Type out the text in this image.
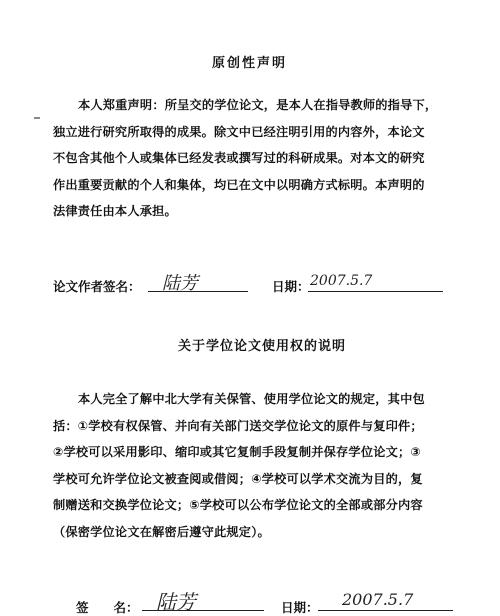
原创性声明

本人郑重声明：所呈交的学位论文，是本人在指导教师的指导下，

独立进行研究所取得的成果。除文中已经注明引用的内容外，本论文

不包含其他个人或集体已经发表或撰写过的科研成果。对本文的研究

作出重要贡献的个人和集体，均已在文中以明确方式标明。本声明的

法律责任由本人承担。

论文作者签名： 陆芳	日期： 2007.5.7
关于学位论文使用权的说明

本人完全了解中北大学有关保管、使用学位论文的规定，其中包

括：①学校有权保管、并向有关部门送交学位论文的原件与复印件；

②学校可以采用影印、缩印或其它复制手段复制并保存学位论文；③

学校可允许学位论文被查阅或借阅；④学校可以学术交流为目的，复

制赠送和交换学位论文；⑤学校可以公布学位论文的全部或部分内容

（保密学位论文在解密后遵守此规定）。

签　　名： 陆芳	日期： 2007.5.7
